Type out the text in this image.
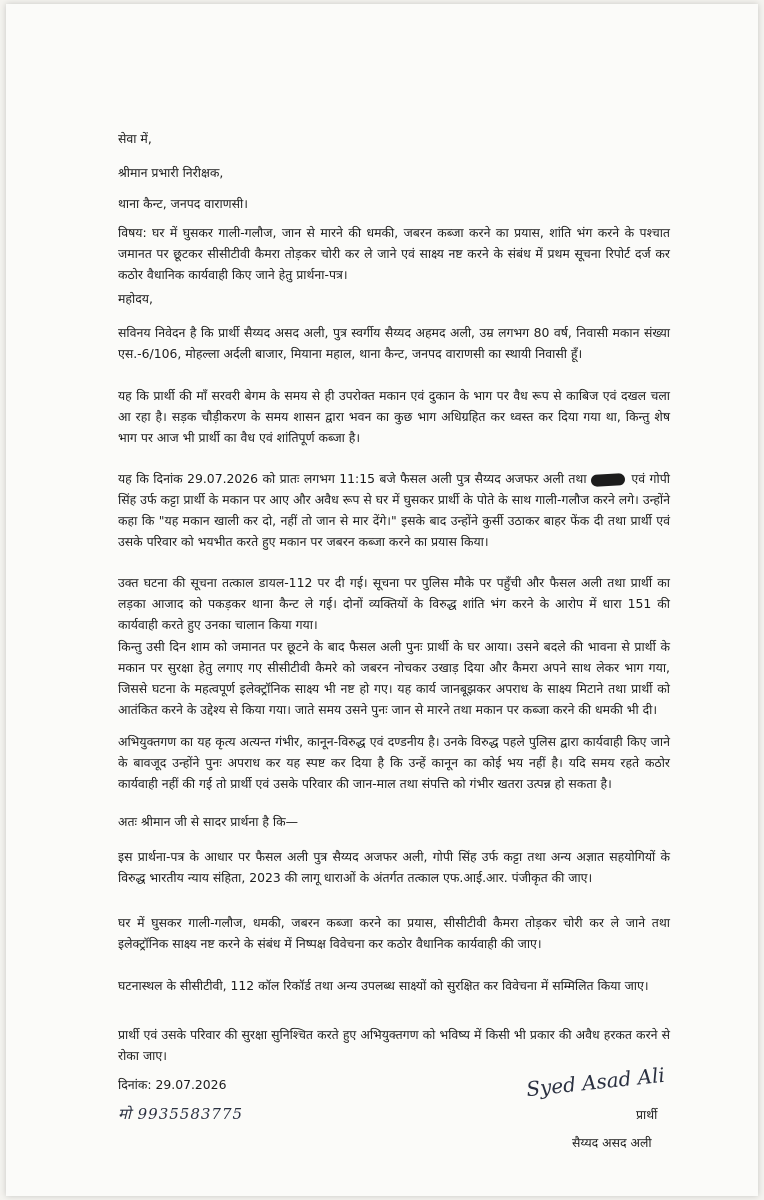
सेवा में,

श्रीमान प्रभारी निरीक्षक,

थाना कैन्ट, जनपद वाराणसी।

विषय: घर में घुसकर गाली-गलौज, जान से मारने की धमकी, जबरन कब्जा करने का प्रयास, शांति भंग करने के पश्चात जमानत पर छूटकर सीसीटीवी कैमरा तोड़कर चोरी कर ले जाने एवं साक्ष्य नष्ट करने के संबंध में प्रथम सूचना रिपोर्ट दर्ज कर कठोर वैधानिक कार्यवाही किए जाने हेतु प्रार्थना-पत्र।

महोदय,

सविनय निवेदन है कि प्रार्थी सैय्यद असद अली, पुत्र स्वर्गीय सैय्यद अहमद अली, उम्र लगभग 80 वर्ष, निवासी मकान संख्या एस.-6/106, मोहल्ला अर्दली बाजार, मियाना महाल, थाना कैन्ट, जनपद वाराणसी का स्थायी निवासी हूँ।

यह कि प्रार्थी की माँ सरवरी बेगम के समय से ही उपरोक्त मकान एवं दुकान के भाग पर वैध रूप से काबिज एवं दखल चला आ रहा है। सड़क चौड़ीकरण के समय शासन द्वारा भवन का कुछ भाग अधिग्रहित कर ध्वस्त कर दिया गया था, किन्तु शेष भाग पर आज भी प्रार्थी का वैध एवं शांतिपूर्ण कब्जा है।

यह कि दिनांक 29.07.2026 को प्रातः लगभग 11:15 बजे फैसल अली पुत्र सैय्यद अजफर अली तथा	एवं गोपी सिंह उर्फ कट्टा प्रार्थी के मकान पर आए और अवैध रूप से घर में घुसकर प्रार्थी के पोते के साथ गाली-गलौज करने लगे। उन्होंने कहा कि "यह मकान खाली कर दो, नहीं तो जान से मार देंगे।" इसके बाद उन्होंने कुर्सी उठाकर बाहर फेंक दी तथा प्रार्थी एवं उसके परिवार को भयभीत करते हुए मकान पर जबरन कब्जा करने का प्रयास किया।

उक्त घटना की सूचना तत्काल डायल-112 पर दी गई। सूचना पर पुलिस मौके पर पहुँची और फैसल अली तथा प्रार्थी का लड़का आजाद को पकड़कर थाना कैन्ट ले गई। दोनों व्यक्तियों के विरुद्ध शांति भंग करने के आरोप में धारा 151 की कार्यवाही करते हुए उनका चालान किया गया।

किन्तु उसी दिन शाम को जमानत पर छूटने के बाद फैसल अली पुनः प्रार्थी के घर आया। उसने बदले की भावना से प्रार्थी के मकान पर सुरक्षा हेतु लगाए गए सीसीटीवी कैमरे को जबरन नोचकर उखाड़ दिया और कैमरा अपने साथ लेकर भाग गया, जिससे घटना के महत्वपूर्ण इलेक्ट्रॉनिक साक्ष्य भी नष्ट हो गए। यह कार्य जानबूझकर अपराध के साक्ष्य मिटाने तथा प्रार्थी को आतंकित करने के उद्देश्य से किया गया। जाते समय उसने पुनः जान से मारने तथा मकान पर कब्जा करने की धमकी भी दी।

अभियुक्तगण का यह कृत्य अत्यन्त गंभीर, कानून-विरुद्ध एवं दण्डनीय है। उनके विरुद्ध पहले पुलिस द्वारा कार्यवाही किए जाने के बावजूद उन्होंने पुनः अपराध कर यह स्पष्ट कर दिया है कि उन्हें कानून का कोई भय नहीं है। यदि समय रहते कठोर कार्यवाही नहीं की गई तो प्रार्थी एवं उसके परिवार की जान-माल तथा संपत्ति को गंभीर खतरा उत्पन्न हो सकता है।

अतः श्रीमान जी से सादर प्रार्थना है कि—

इस प्रार्थना-पत्र के आधार पर फैसल अली पुत्र सैय्यद अजफर अली, गोपी सिंह उर्फ कट्टा तथा अन्य अज्ञात सहयोगियों के विरुद्ध भारतीय न्याय संहिता, 2023 की लागू धाराओं के अंतर्गत तत्काल एफ.आई.आर. पंजीकृत की जाए।

घर में घुसकर गाली-गलौज, धमकी, जबरन कब्जा करने का प्रयास, सीसीटीवी कैमरा तोड़कर चोरी कर ले जाने तथा इलेक्ट्रॉनिक साक्ष्य नष्ट करने के संबंध में निष्पक्ष विवेचना कर कठोर वैधानिक कार्यवाही की जाए।

घटनास्थल के सीसीटीवी, 112 कॉल रिकॉर्ड तथा अन्य उपलब्ध साक्ष्यों को सुरक्षित कर विवेचना में सम्मिलित किया जाए।

प्रार्थी एवं उसके परिवार की सुरक्षा सुनिश्चित करते हुए अभियुक्तगण को भविष्य में किसी भी प्रकार की अवैध हरकत करने से रोका जाए।

दिनांक: 29.07.2026

मो 9935583775

Syed Asad Ali

प्रार्थी

सैय्यद असद अली
